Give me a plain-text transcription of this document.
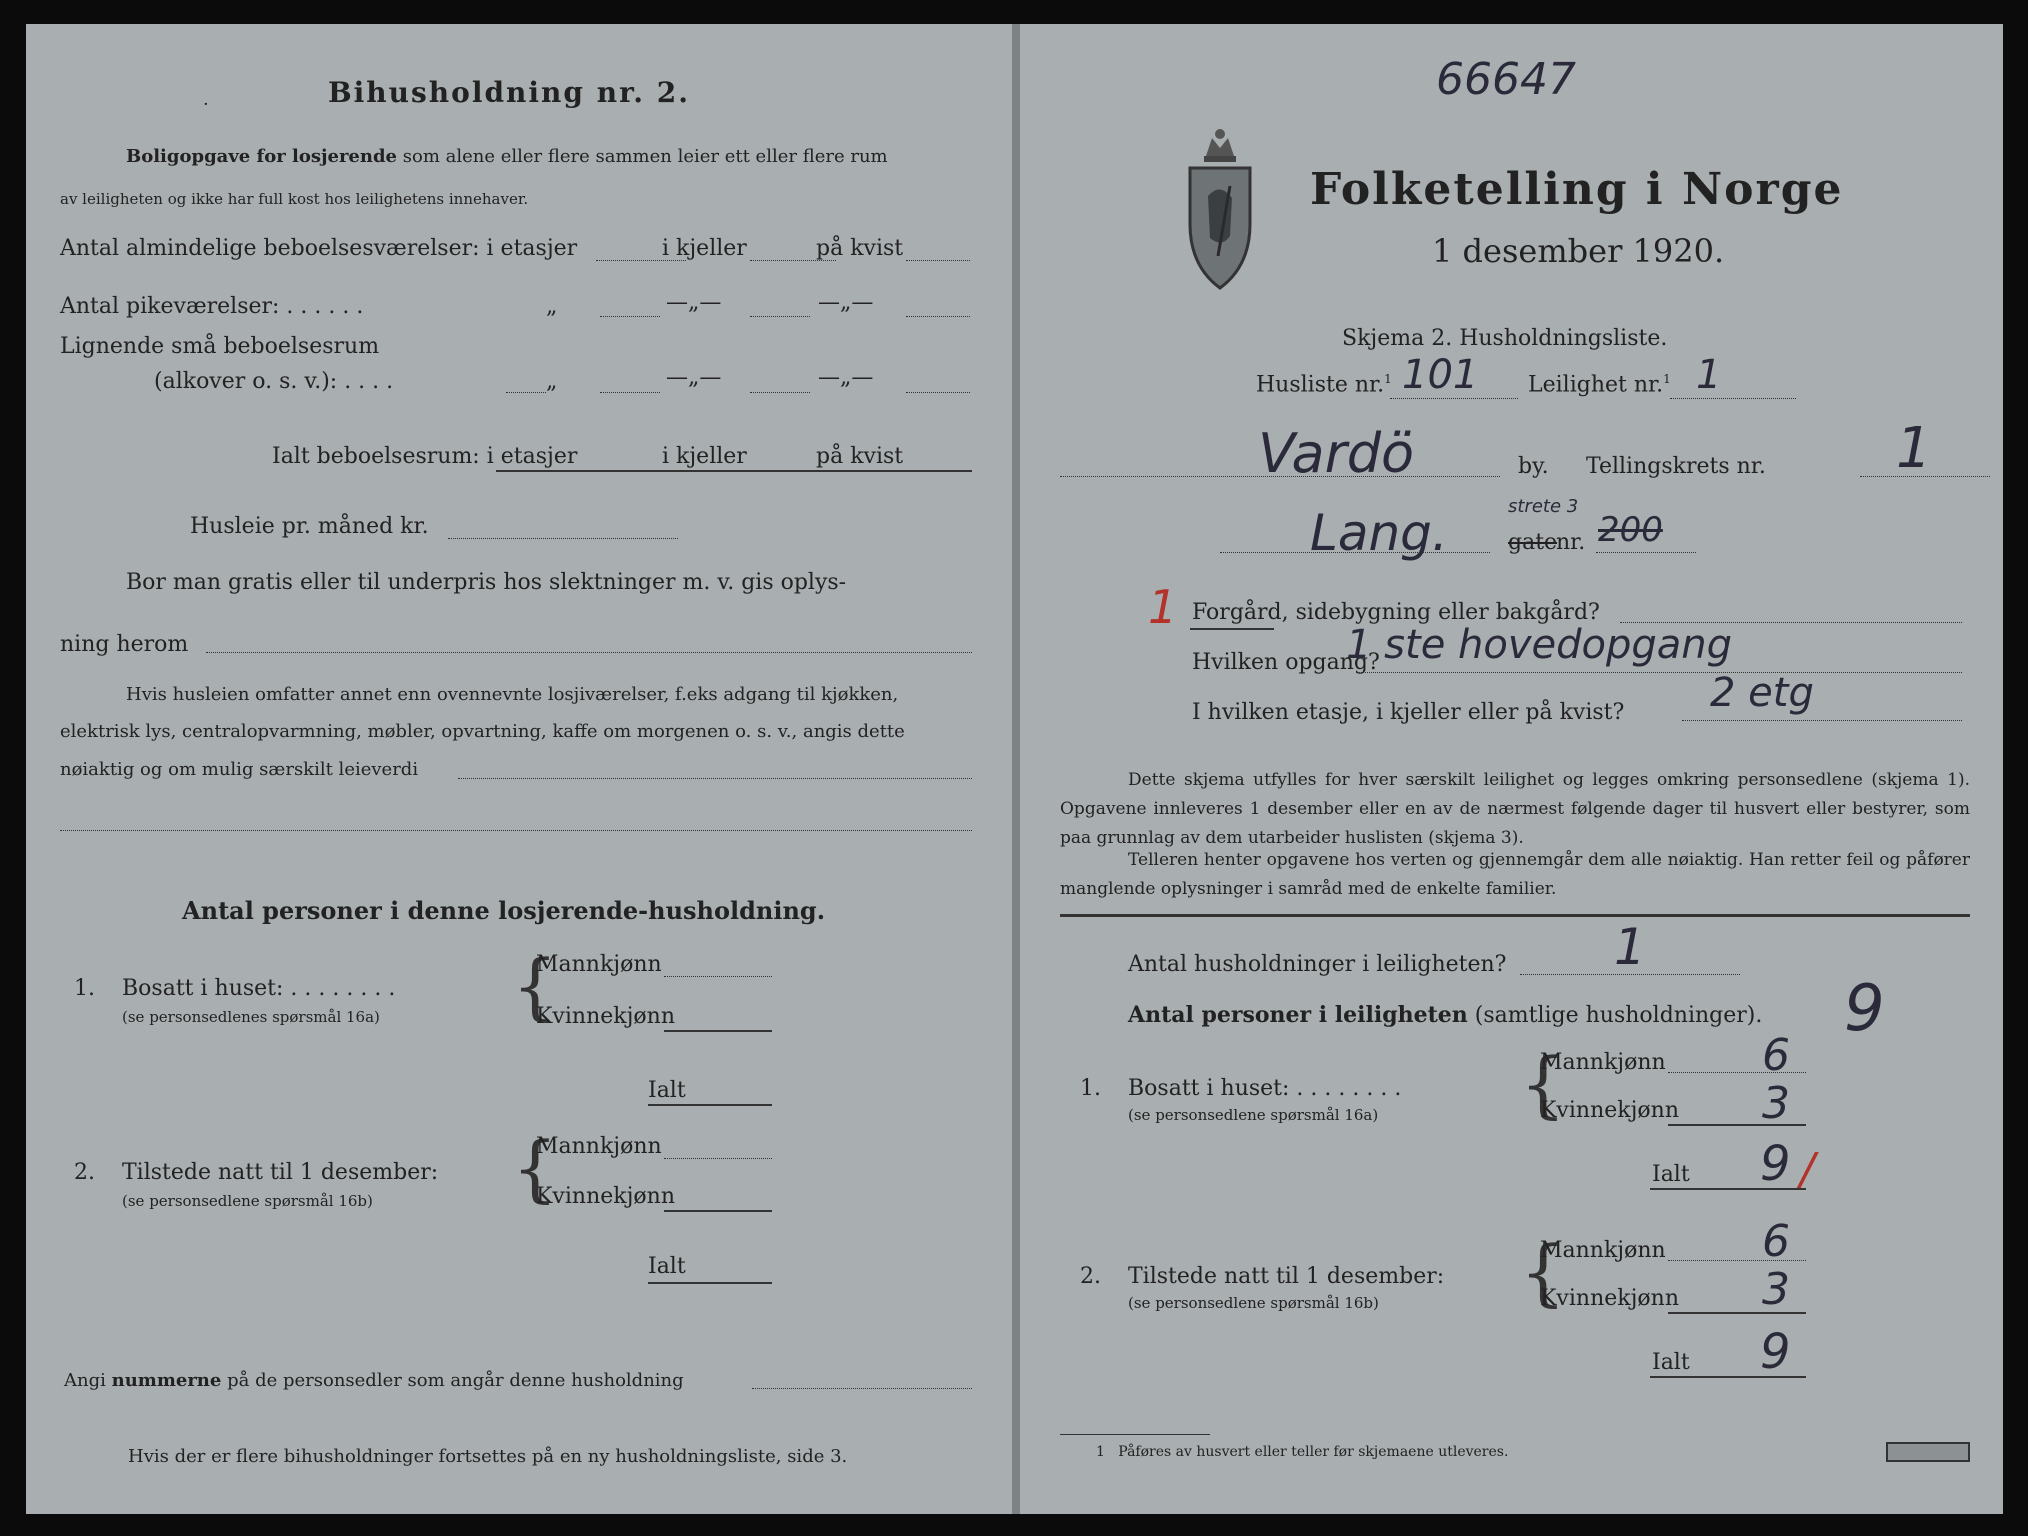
·	Bihusholdning nr. 2.
Boligopgave for losjerende som alene eller flere sammen leier ett eller flere rum
av leiligheten og ikke har full kost hos leilighetens innehaver.
Antal almindelige beboelsesværelser: i etasjer	i kjeller	på kvist
Antal pikeværelser: . . . . . .	„	—„—	—„—
Lignende små beboelsesrum
(alkover o. s. v.): . . . .	„	—„—	—„—
Ialt beboelsesrum: i etasjer	i kjeller	på kvist
Husleie pr. måned kr.
Bor man gratis eller til underpris hos slektninger m. v. gis oplys-
ning herom
Hvis husleien omfatter annet enn ovennevnte losjiværelser, f.eks adgang til kjøkken,
elektrisk lys, centralopvarmning, møbler, opvartning, kaffe om morgenen o. s. v., angis dette
nøiaktig og om mulig særskilt leieverdi
Antal personer i denne losjerende-husholdning.
1. Bosatt i huset: . . . . . . . .
(se personsedlenes spørsmål 16a) {
Mannkjønn
Kvinnekjønn
Ialt
2. Tilstede natt til 1 desember:
(se personsedlene spørsmål 16b) {
Mannkjønn
Kvinnekjønn
Ialt
Angi nummerne på de personsedler som angår denne husholdning
Hvis der er flere bihusholdninger fortsettes på en ny husholdningsliste, side 3.
66647
Folketelling i Norge
1 desember 1920.
Skjema 2. Husholdningsliste.
Husliste nr.$^1$ 101 Leilighet nr.$^1$ 1
Vardö	by. Tellingskrets nr. 1
Lang.	strete 3
gate
nr. 200
1 Forgård, sidebygning eller bakgård?
Hvilken opgang?
1 ste hovedopgang
I hvilken etasje, i kjeller eller på kvist? 2 etg
Dette skjema utfylles for hver særskilt leilighet og legges omkring personsedlene (skjema 1). Opgavene innleveres 1 desember eller en av de nærmest følgende dager til husvert eller bestyrer, som paa grunnlag av dem utarbeider huslisten (skjema 3).
Telleren henter opgavene hos verten og gjennemgår dem alle nøiaktig. Han retter feil og påfører manglende oplysninger i samråd med de enkelte familier.
Antal husholdninger i leiligheten? 1
Antal personer i leiligheten (samtlige husholdninger). 9
1. Bosatt i huset: . . . . . . . .
(se personsedlene spørsmål 16a) {
Mannkjønn 6
Kvinnekjønn 3
Ialt 9 /
2. Tilstede natt til 1 desember:
(se personsedlene spørsmål 16b) {
Mannkjønn 6
Kvinnekjønn 3
Ialt 9
1 Påføres av husvert eller teller før skjemaene utleveres.
